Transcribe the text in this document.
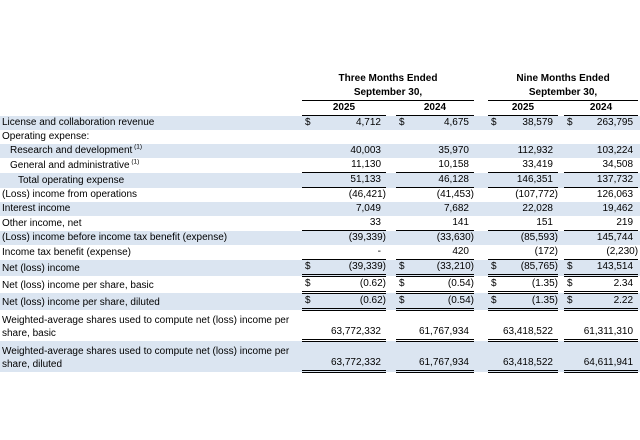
	Three Months Ended						Nine Months Ended					
	September 30,						September 30,					
	2025			2024			2025			2024		
License and collaboration revenue	$	4,712		$	4,675		$	38,579		$	263,795	
Operating expense:												
Research and development $^{(1)}$		40,003			35,970			112,932			103,224	
General and administrative $^{(1)}$		11,130			10,158			33,419			34,508	
Total operating expense		51,133			46,128			146,351			137,732	
(Loss) income from operations		(46,421)			(41,453)			(107,772)			126,063	
Interest income		7,049			7,682			22,028			19,462	
Other income, net		33			141			151			219	
(Loss) income before income tax benefit (expense)		(39,339)			(33,630)			(85,593)			145,744	
Income tax benefit (expense)		-			420			(172)			(2,230)	
Net (loss) income	$	(39,339)		$	(33,210)		$	(85,765)		$	143,514	
Net (loss) income per share, basic	$	(0.62)		$	(0.54)		$	(1.35)		$	2.34	
Net (loss) income per share, diluted	$	(0.62)		$	(0.54)		$	(1.35)		$	2.22	
Weighted-average shares used to compute net (loss) income per share, basic		63,772,332			61,767,934			63,418,522			61,311,310	
Weighted-average shares used to compute net (loss) income per share, diluted		63,772,332			61,767,934			63,418,522			64,611,941	
